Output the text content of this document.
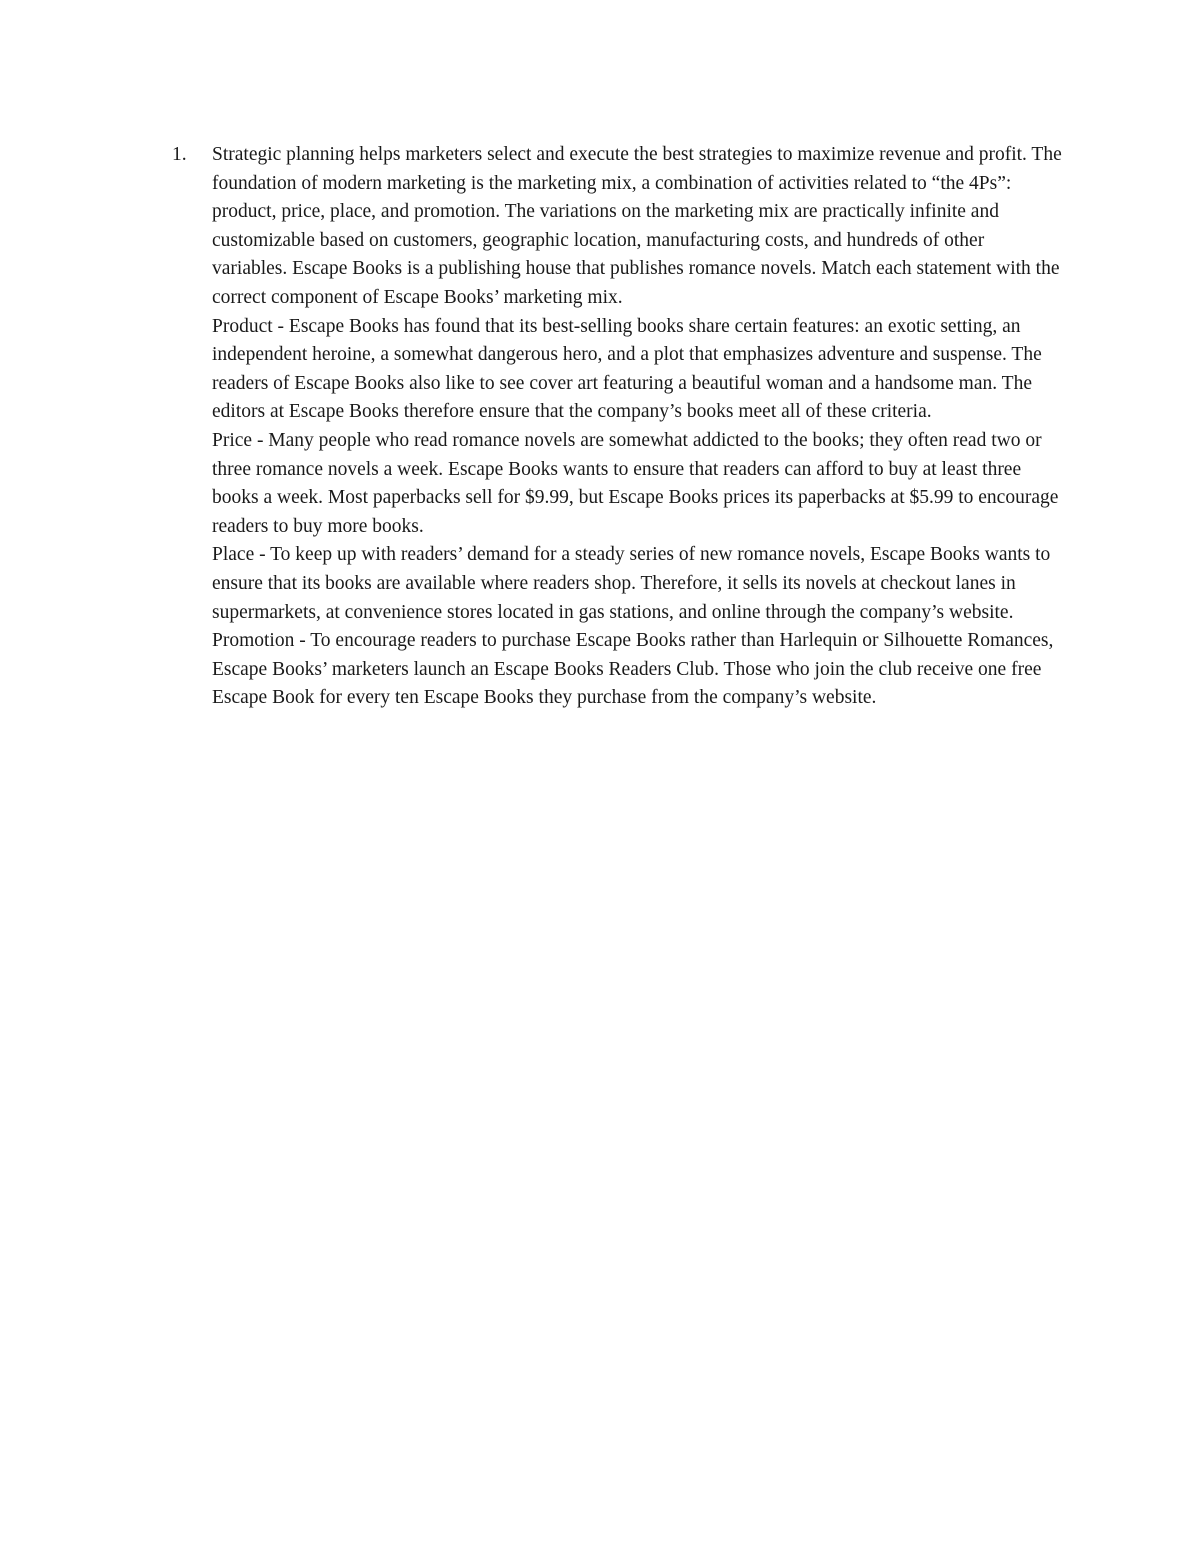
1.	Strategic planning helps marketers select and execute the best strategies to maximize revenue and profit. The foundation of modern marketing is the marketing mix, a combination of activities related to “the 4Ps”: product, price, place, and promotion. The variations on the marketing mix are practically infinite and customizable based on customers, geographic location, manufacturing costs, and hundreds of other variables. Escape Books is a publishing house that publishes romance novels. Match each statement with the correct component of Escape Books’ marketing mix.

Product - Escape Books has found that its best-selling books share certain features: an exotic setting, an independent heroine, a somewhat dangerous hero, and a plot that emphasizes adventure and suspense. The readers of Escape Books also like to see cover art featuring a beautiful woman and a handsome man. The editors at Escape Books therefore ensure that the company’s books meet all of these criteria.

Price - Many people who read romance novels are somewhat addicted to the books; they often read two or three romance novels a week. Escape Books wants to ensure that readers can afford to buy at least three books a week. Most paperbacks sell for $9.99, but Escape Books prices its paperbacks at $5.99 to encourage readers to buy more books.

Place - To keep up with readers’ demand for a steady series of new romance novels, Escape Books wants to ensure that its books are available where readers shop. Therefore, it sells its novels at checkout lanes in supermarkets, at convenience stores located in gas stations, and online through the company’s website.

Promotion - To encourage readers to purchase Escape Books rather than Harlequin or Silhouette Romances, Escape Books’ marketers launch an Escape Books Readers Club. Those who join the club receive one free Escape Book for every ten Escape Books they purchase from the company’s website.
